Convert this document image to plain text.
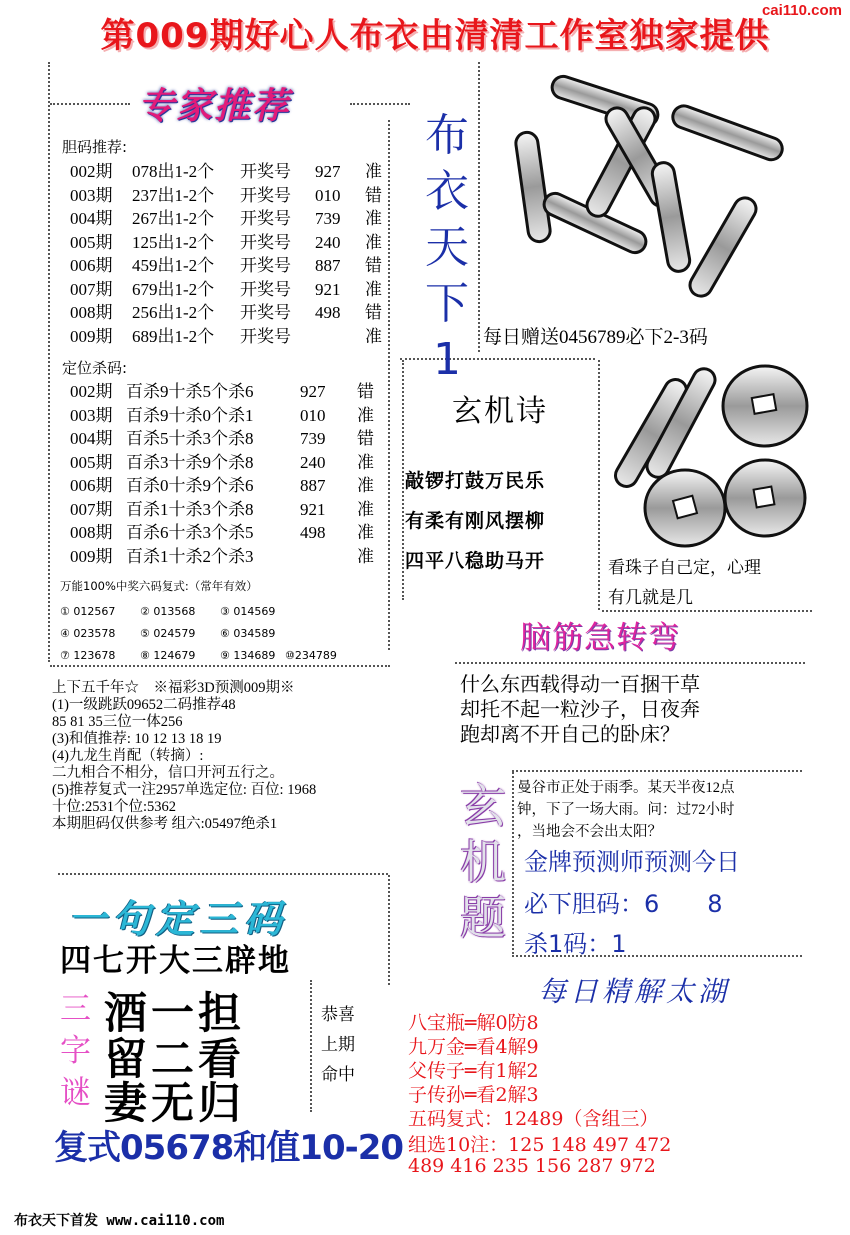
第009期好心人布衣由清清工作室独家提供
cai110.com
专家推荐
胆码推荐:
002期 078出1-2个 开奖号 927 准
003期 237出1-2个 开奖号 010 错
004期 267出1-2个 开奖号 739 准
005期 125出1-2个 开奖号 240 准
006期 459出1-2个 开奖号 887 错
007期 679出1-2个 开奖号 921 准
008期 256出1-2个 开奖号 498 错
009期 689出1-2个 开奖号	准
定位杀码:
002期 百杀9十杀5个杀6	927 错
003期 百杀9十杀0个杀1	010 准
004期 百杀5十杀3个杀8	739 错
005期 百杀3十杀9个杀8	240 准
006期 百杀0十杀9个杀6	887 准
007期 百杀1十杀3个杀8	921 准
008期 百杀6十杀3个杀5	498 准
009期 百杀1十杀2个杀3	准
万能100%中奖六码复式:（常年有效）
① 012567 ② 013568 ③ 014569
④ 023578 ⑤ 024579 ⑥ 034589
⑦ 123678 ⑧ 124679 ⑨ 134689 ⑩234789
上下五千年☆　※福彩3D预测009期※
(1)一级跳跃09652二码推荐48
85 81 35三位一体256
(3)和值推荐: 10 12 13 18 19
(4)九龙生肖配（转摘）:
二九相合不相分，信口开河五行之。
(5)推荐复式一注2957单选定位: 百位: 1968
十位:2531个位:5362
本期胆码仅供参考 组六:05497绝杀1
布
衣
天
下
1	每日赠送0456789必下2-3码
玄机诗
敲锣打鼓万民乐
有柔有刚风摆柳
四平八稳助马开	看珠子自己定，心理
有几就是几
脑筋急转弯
什么东西载得动一百捆干草
却托不起一粒沙子，日夜奔
跑却离不开自己的卧床？
玄
机
题
曼谷市正处于雨季。某天半夜12点
钟，下了一场大雨。问：过72小时
，当地会不会出太阳？
金牌预测师预测今日
必下胆码：6　　8
杀1码：1
每日精解太湖
八宝瓶═解0防8
九万金═看4解9
父传子═有1解2
子传孙═看2解3
五码复式：12489（含组三）
组选10注：125 148 497 472
489 416 235 156 287 972
一句定三码
四七开大三辟地
三
字
谜
酒一担
留二看
妻无归
恭喜
上期
命中
复式05678和值10-20
布衣天下首发 www.cai110.com
